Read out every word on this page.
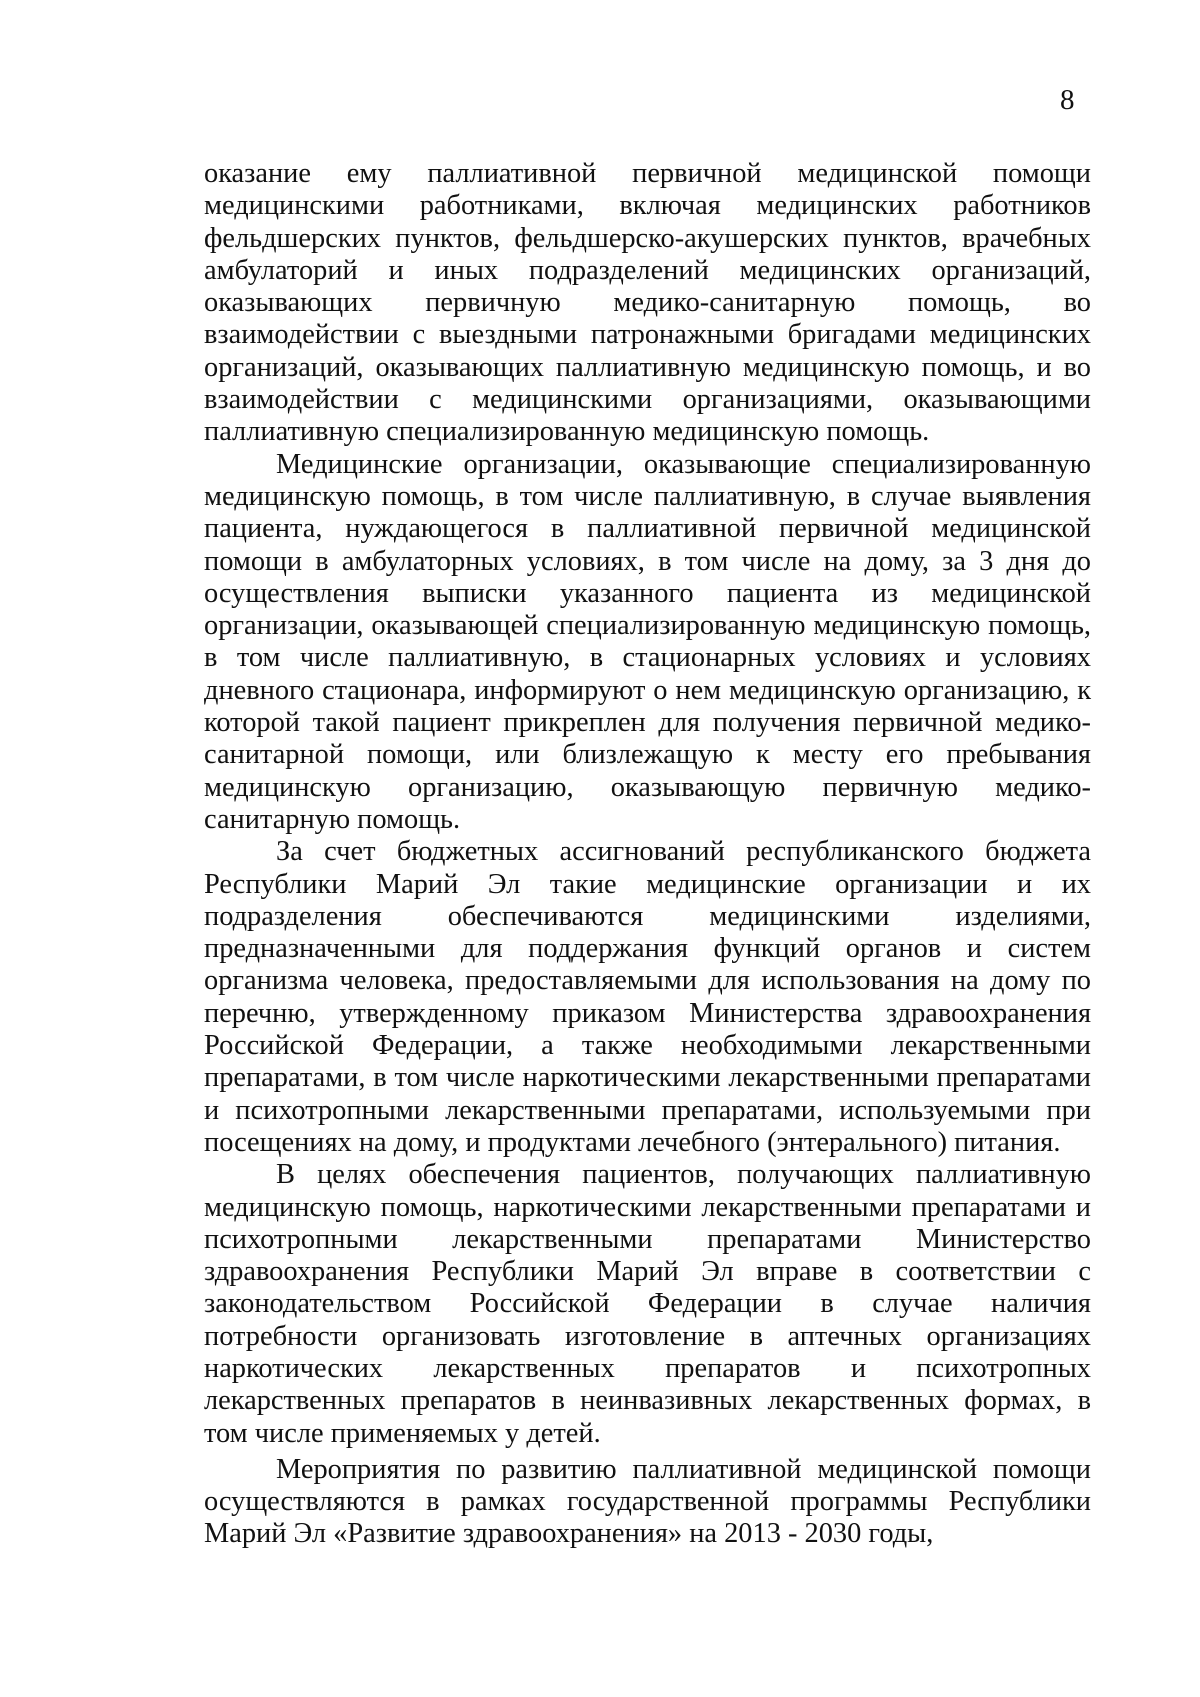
8

оказание ему паллиативной первичной медицинской помощи медицинскими работниками, включая медицинских работников фельдшерских пунктов, фельдшерско-акушерских пунктов, врачебных амбулаторий и иных подразделений медицинских организаций, оказывающих первичную медико-санитарную помощь, во взаимодействии с выездными патронажными бригадами медицинских организаций, оказывающих паллиативную медицинскую помощь, и во взаимодействии с медицинскими организациями, оказывающими паллиативную специализированную медицинскую помощь.

Медицинские организации, оказывающие специализированную медицинскую помощь, в том числе паллиативную, в случае выявления пациента, нуждающегося в паллиативной первичной медицинской помощи в амбулаторных условиях, в том числе на дому, за 3 дня до осуществления выписки указанного пациента из медицинской организации, оказывающей специализированную медицинскую помощь, в том числе паллиативную, в стационарных условиях и условиях дневного стационара, информируют о нем медицинскую организацию, к которой такой пациент прикреплен для получения первичной медико-санитарной помощи, или близлежащую к месту его пребывания медицинскую организацию, оказывающую первичную медико-санитарную помощь.

За счет бюджетных ассигнований республиканского бюджета Республики Марий Эл такие медицинские организации и их подразделения обеспечиваются медицинскими изделиями, предназначенными для поддержания функций органов и систем организма человека, предоставляемыми для использования на дому по перечню, утвержденному приказом Министерства здравоохранения Российской Федерации, а также необходимыми лекарственными препаратами, в том числе наркотическими лекарственными препаратами и психотропными лекарственными препаратами, используемыми при посещениях на дому, и продуктами лечебного (энтерального) питания.

В целях обеспечения пациентов, получающих паллиативную медицинскую помощь, наркотическими лекарственными препаратами и психотропными лекарственными препаратами Министерство здравоохранения Республики Марий Эл вправе в соответствии с законодательством Российской Федерации в случае наличия потребности организовать изготовление в аптечных организациях наркотических лекарственных препаратов и психотропных лекарственных препаратов в неинвазивных лекарственных формах, в том числе применяемых у детей.

Мероприятия по развитию паллиативной медицинской помощи осуществляются в рамках государственной программы Республики Марий Эл «Развитие здравоохранения» на 2013 - 2030 годы,
